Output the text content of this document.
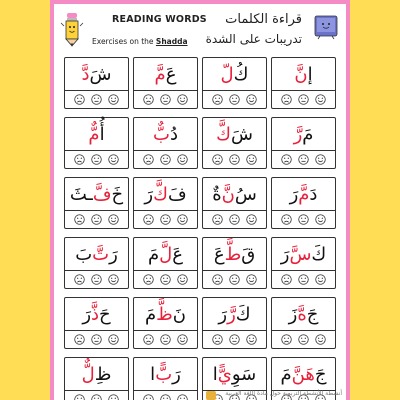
READING WORDS
Exercises on the Shadda
قراءة الكلمات
تدريبات على الشدة
إ
نَّ
كُ
لّ
عَ
مَّ
شَ
دَّ
مَ
رَّ
شَ
كَّ
دُ
بٌّ
أُ
مٌّ
دَ
مَّ
رَ
سُ
نَّ
ةٌ
فَ
كَّ
رَ
خَ
فَّ
ـثَ
كَ
سَّ
رَ
قَ
طَّ
عَ
عَ
لَّ
مَ
رَ
تَّ
بَ
جَ
هَّ
زَ
كَ
رَّ
رَ
نَ
ظَّ
مَ
حَ
ذَّ
رَ
جَ
هَنَّ
مَ
سَوِ
يًّ
ا
رَ
بًّ
ا
ظِ
لٌّ
أنشطة الأنشطة التربوية حول مادة اللغة العربية
